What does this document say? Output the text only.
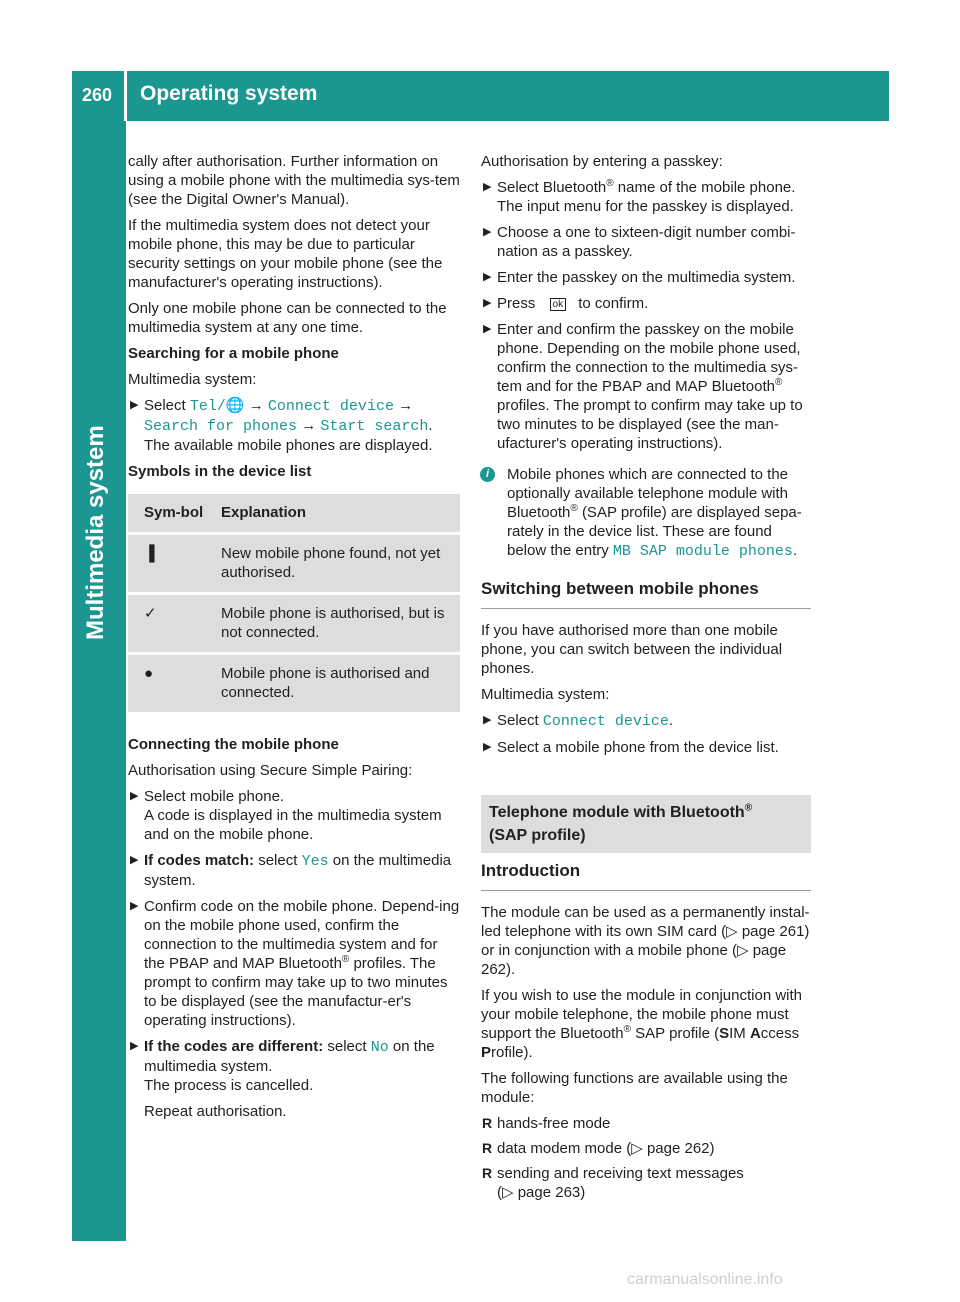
260 Operating system
Multimedia system

cally after authorisation. Further information on using a mobile phone with the multimedia sys-tem (see the Digital Owner's Manual).

If the multimedia system does not detect your mobile phone, this may be due to particular security settings on your mobile phone (see the manufacturer's operating instructions).

Only one mobile phone can be connected to the multimedia system at any one time.

Searching for a mobile phone

Multimedia system:

▶ Select Tel/🌐 → Connect device → Search for phones → Start search.
The available mobile phones are displayed.

Symbols in the device list

Sym-bol	Explanation
▐	New mobile phone found, not yet authorised.
✓	Mobile phone is authorised, but is not connected.
●	Mobile phone is authorised and connected.

Connecting the mobile phone

Authorisation using Secure Simple Pairing:

▶ Select mobile phone.
A code is displayed in the multimedia system and on the mobile phone.
▶ If codes match: select Yes on the multimedia system.
▶ Confirm code on the mobile phone. Depend-ing on the mobile phone used, confirm the connection to the multimedia system and for the PBAP and MAP Bluetooth® profiles. The prompt to confirm may take up to two minutes to be displayed (see the manufactur-er's operating instructions).
▶ If the codes are different: select No on the multimedia system.
The process is cancelled.
Repeat authorisation.

Authorisation by entering a passkey:

▶ Select Bluetooth® name of the mobile phone. The input menu for the passkey is displayed.
▶ Choose a one to sixteen-digit number combi-nation as a passkey.
▶ Enter the passkey on the multimedia system.
▶ Press ok to confirm.
▶ Enter and confirm the passkey on the mobile phone. Depending on the mobile phone used, confirm the connection to the multimedia sys-tem and for the PBAP and MAP Bluetooth® profiles. The prompt to confirm may take up to two minutes to be displayed (see the man-ufacturer's operating instructions).
i	Mobile phones which are connected to the optionally available telephone module with Bluetooth® (SAP profile) are displayed sepa-rately in the device list. These are found below the entry MB SAP module phones.
Switching between mobile phones

If you have authorised more than one mobile phone, you can switch between the individual phones.

Multimedia system:

▶ Select Connect device.
▶ Select a mobile phone from the device list.
Telephone module with Bluetooth®
(SAP profile)
Introduction

The module can be used as a permanently instal-led telephone with its own SIM card (▷ page 261) or in conjunction with a mobile phone (▷ page 262).

If you wish to use the module in conjunction with your mobile telephone, the mobile phone must support the Bluetooth® SAP profile (SIM Access Profile).

The following functions are available using the module:

R hands-free mode
R data modem mode (▷ page 262)
R sending and receiving text messages
(▷ page 263)
carmanualsonline.info
